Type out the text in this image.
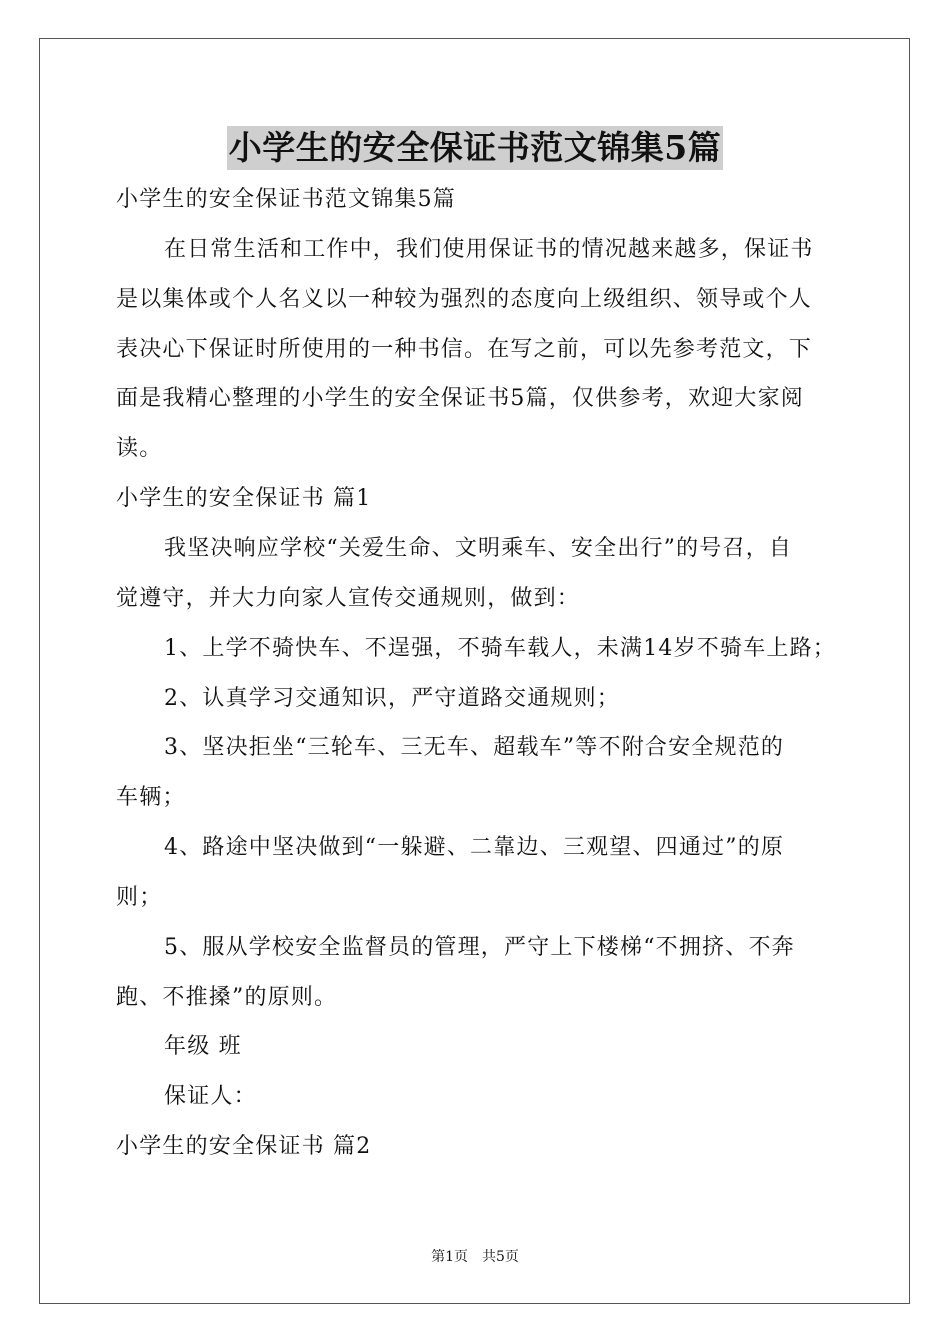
小学生的安全保证书范文锦集5篇
小学生的安全保证书范文锦集5篇
在日常生活和工作中，我们使用保证书的情况越来越多，保证书
是以集体或个人名义以一种较为强烈的态度向上级组织、领导或个人
表决心下保证时所使用的一种书信。在写之前，可以先参考范文，下
面是我精心整理的小学生的安全保证书5篇，仅供参考，欢迎大家阅
读。
小学生的安全保证书 篇1
我坚决响应学校“关爱生命、文明乘车、安全出行”的号召，自
觉遵守，并大力向家人宣传交通规则，做到：
1、上学不骑快车、不逞强，不骑车载人，未满14岁不骑车上路；
2、认真学习交通知识，严守道路交通规则；
3、坚决拒坐“三轮车、三无车、超载车”等不附合安全规范的
车辆；
4、路途中坚决做到“一躲避、二靠边、三观望、四通过”的原
则；
5、服从学校安全监督员的管理，严守上下楼梯“不拥挤、不奔
跑、不推搡”的原则。
年级 班
保证人：
小学生的安全保证书 篇2
第1页　共5页
